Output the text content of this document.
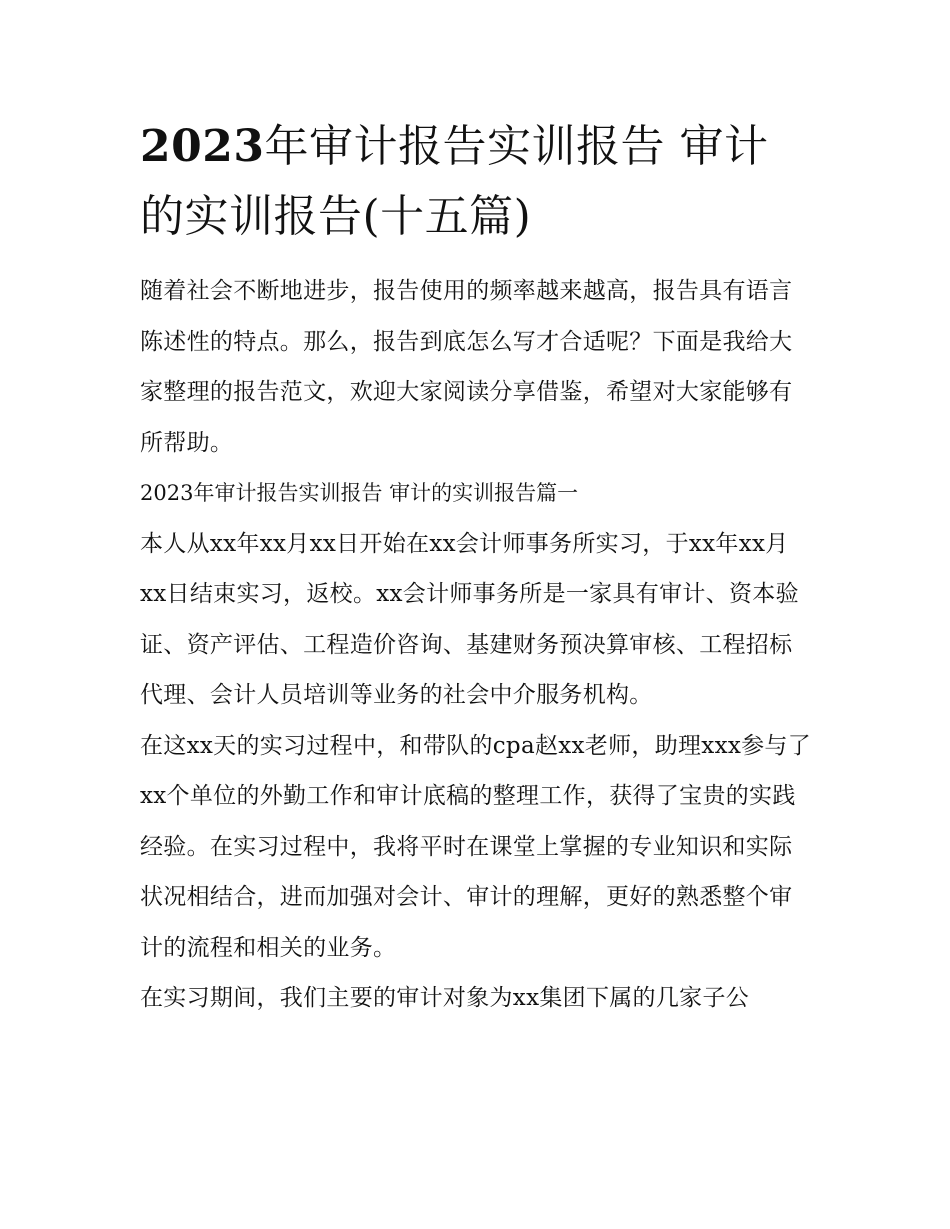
2023年审计报告实训报告 审计的实训报告(十五篇)

随着社会不断地进步，报告使用的频率越来越高，报告具有语言陈述性的特点。那么，报告到底怎么写才合适呢？下面是我给大家整理的报告范文，欢迎大家阅读分享借鉴，希望对大家能够有所帮助。

2023年审计报告实训报告 审计的实训报告篇一

本人从xx年xx月xx日开始在xx会计师事务所实习，于xx年xx月xx日结束实习，返校。xx会计师事务所是一家具有审计、资本验证、资产评估、工程造价咨询、基建财务预决算审核、工程招标代理、会计人员培训等业务的社会中介服务机构。

在这xx天的实习过程中，和带队的cpa赵xx老师，助理xxx参与了xx个单位的外勤工作和审计底稿的整理工作，获得了宝贵的实践经验。在实习过程中，我将平时在课堂上掌握的专业知识和实际状况相结合，进而加强对会计、审计的理解，更好的熟悉整个审计的流程和相关的业务。

在实习期间，我们主要的审计对象为xx集团下属的几家子公
